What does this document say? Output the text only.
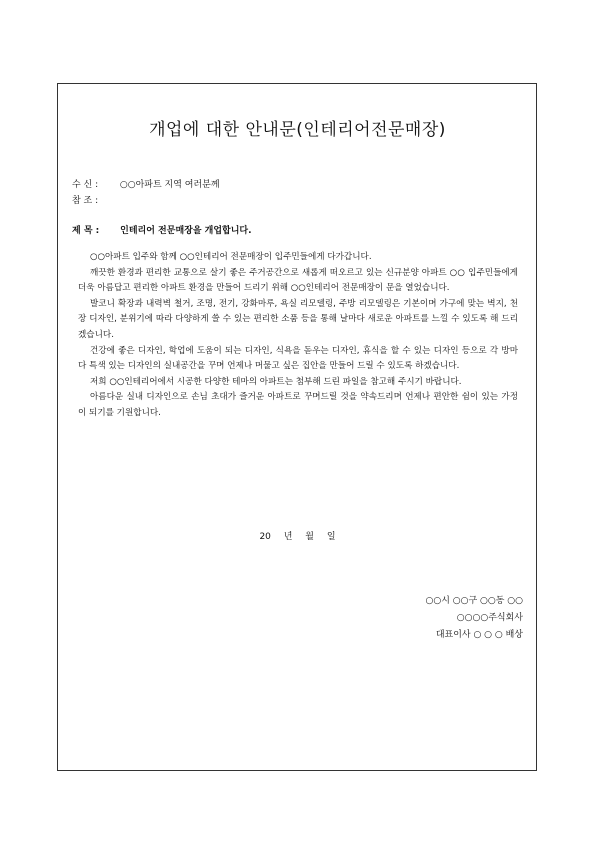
개업에 대한 안내문(인테리어전문매장)
수 신 : ○○아파트 지역 여러분께
참 조 :
제 목 : 인테리어 전문매장을 개업합니다.

○○아파트 입주와 함께 ○○인테리어 전문매장이 입주민들에게 다가갑니다.

깨끗한 환경과 편리한 교통으로 살기 좋은 주거공간으로 새롭게 떠오르고 있는 신규분양 아파트 ○○ 입주민들에게 더욱 아름답고 편리한 아파트 환경을 만들어 드리기 위해 ○○인테리어 전문매장이 문을 열었습니다.

발코니 확장과 내력벽 철거, 조명, 전기, 강화마루, 욕실 리모델링, 주방 리모델링은 기본이며 가구에 맞는 벽지, 천장 디자인, 분위기에 따라 다양하게 쓸 수 있는 편리한 소품 등을 통해 날마다 새로운 아파트를 느낄 수 있도록 해 드리겠습니다.

건강에 좋은 디자인, 학업에 도움이 되는 디자인, 식욕을 돋우는 디자인, 휴식을 할 수 있는 디자인 등으로 각 방마다 특색 있는 디자인의 실내공간을 꾸며 언제나 머물고 싶은 집안을 만들어 드릴 수 있도록 하겠습니다.

저희 ○○인테리어에서 시공한 다양한 테마의 아파트는 첨부해 드린 파일을 참고해 주시기 바랍니다.

아름다운 실내 디자인으로 손님 초대가 즐거운 아파트로 꾸며드릴 것을 약속드리며 언제나 편안한 쉼이 있는 가정이 되기를 기원합니다.

20 년 월 일
○○시 ○○구 ○○동 ○○
○○○○주식회사
대표이사 ○ ○ ○ 배상
